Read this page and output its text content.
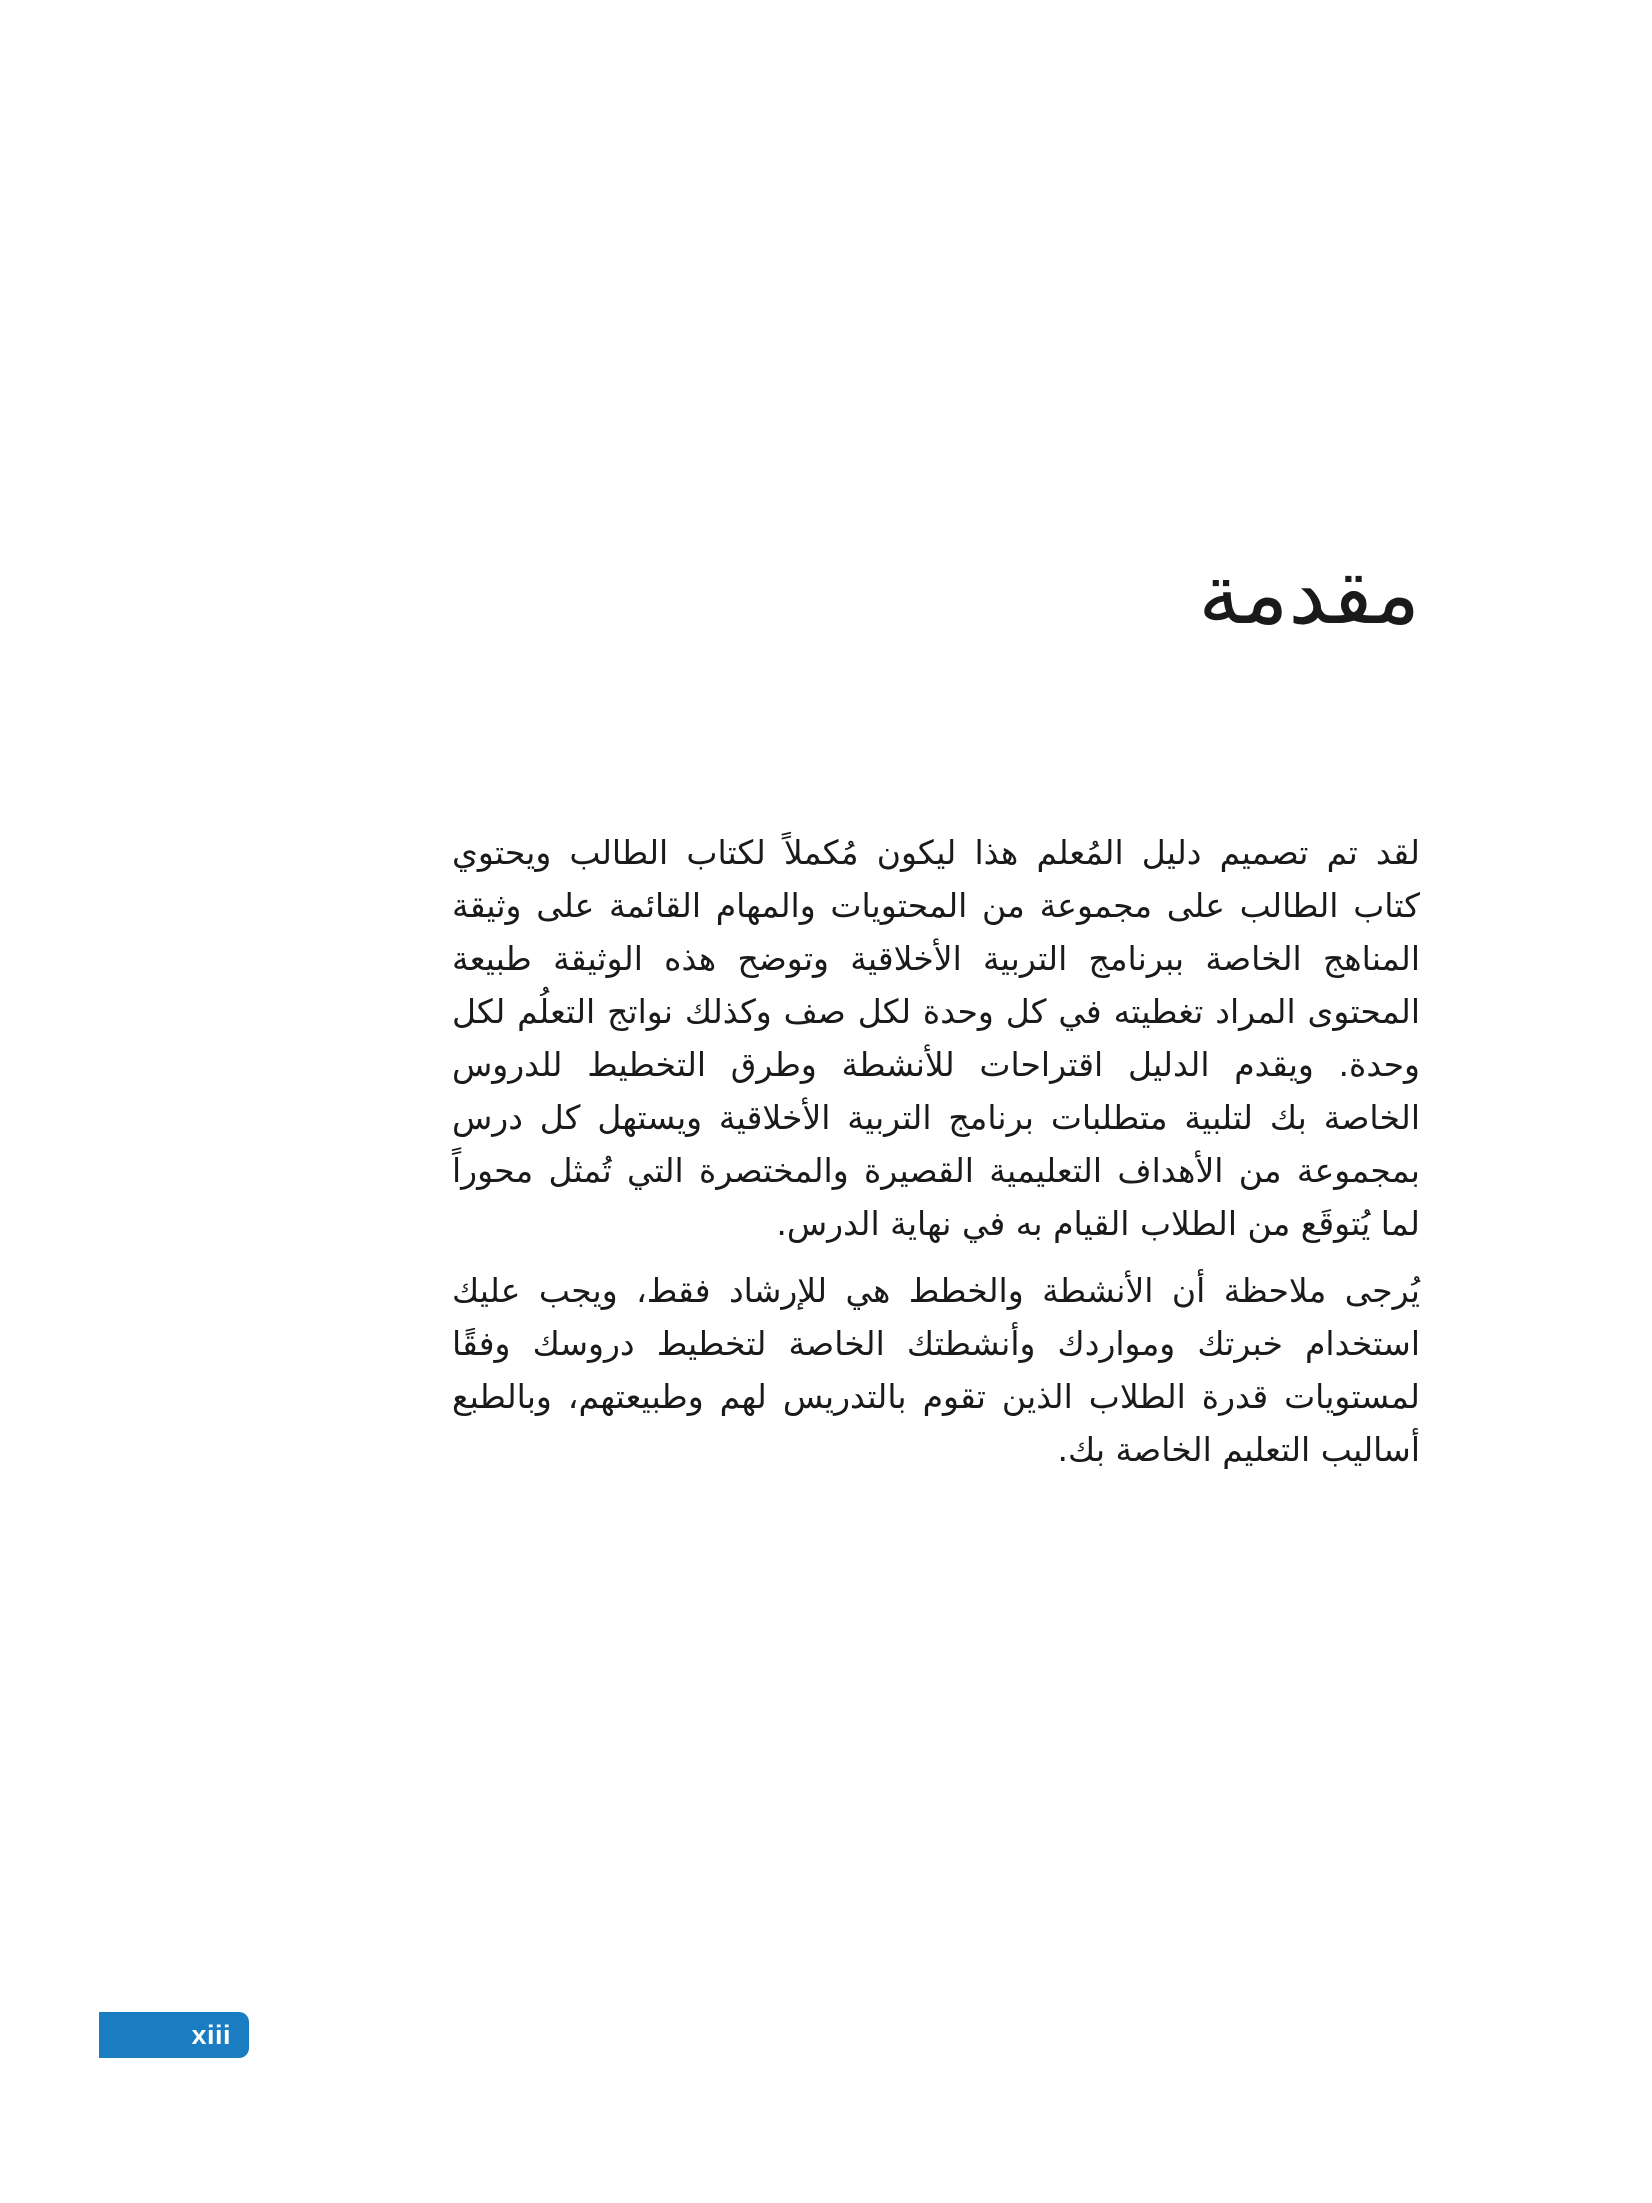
مقدمة

لقد تم تصميم دليل المُعلم هذا ليكون مُكملاً لكتاب الطالب ويحتوي كتاب الطالب على مجموعة من المحتويات والمهام القائمة على وثيقة المناهج الخاصة ببرنامج التربية الأخلاقية وتوضح هذه الوثيقة طبيعة المحتوى المراد تغطيته في كل وحدة لكل صف وكذلك نواتج التعلُم لكل وحدة. ويقدم الدليل اقتراحات للأنشطة وطرق التخطيط للدروس الخاصة بك لتلبية متطلبات برنامج التربية الأخلاقية ويستهل كل درس بمجموعة من الأهداف التعليمية القصيرة والمختصرة التي تُمثل محوراً لما يُتوقَع من الطلاب القيام به في نهاية الدرس.

يُرجى ملاحظة أن الأنشطة والخطط هي للإرشاد فقط، ويجب عليك استخدام خبرتك ومواردك وأنشطتك الخاصة لتخطيط دروسك وفقًا لمستويات قدرة الطلاب الذين تقوم بالتدريس لهم وطبيعتهم، وبالطبع أساليب التعليم الخاصة بك.

xiii
